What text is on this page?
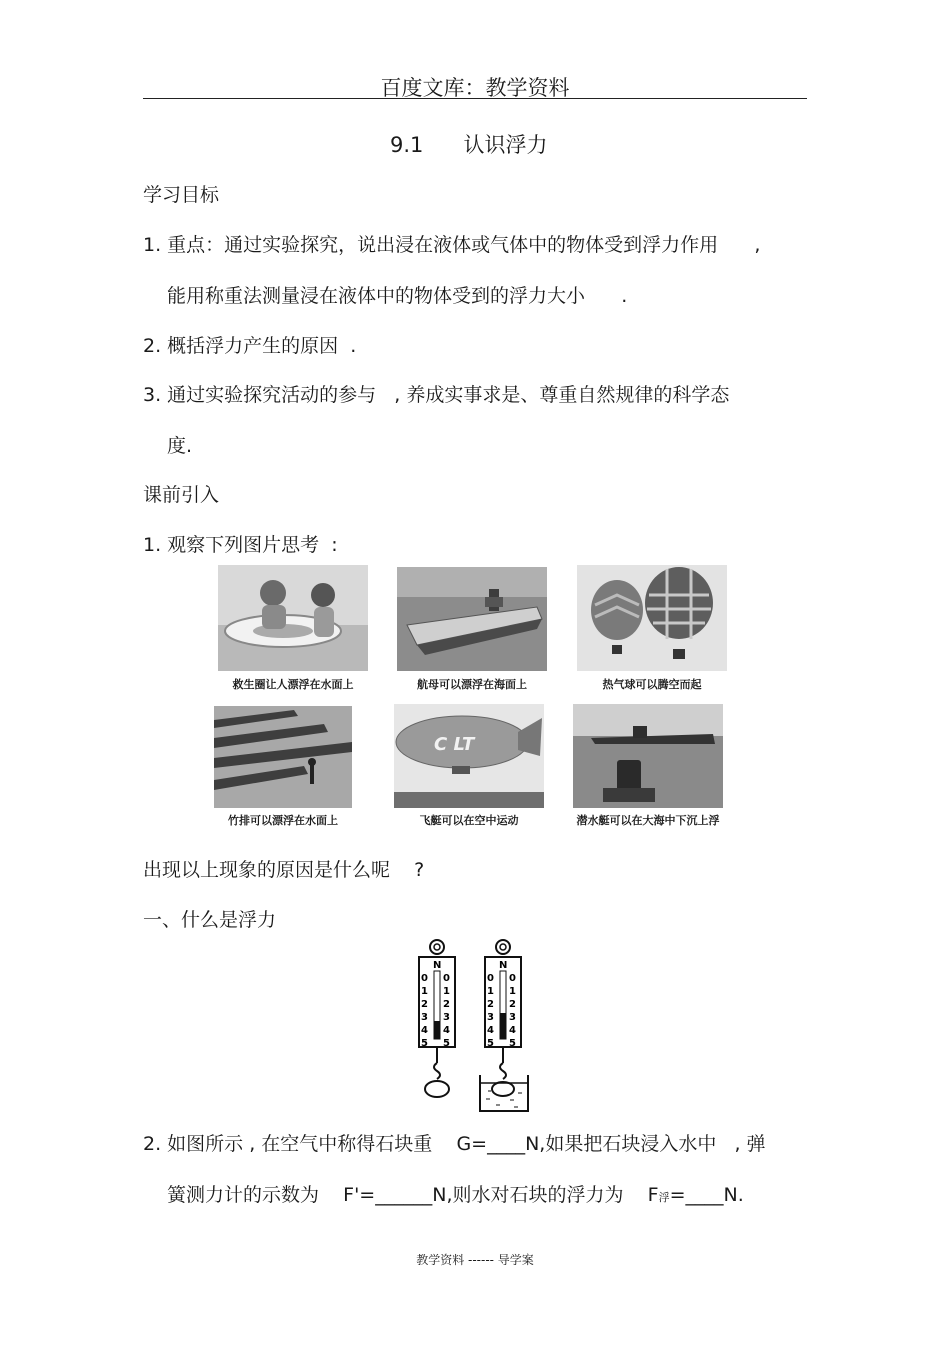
百度文库：教学资料
9.1      认识浮力
学习目标
1. 重点：通过实验探究，说出浸在液体或气体中的物体受到浮力作用      ,
能用称重法测量浸在液体中的物体受到的浮力大小      .
2. 概括浮力产生的原因  .
3. 通过实验探究活动的参与   , 养成实事求是、尊重自然规律的科学态
度.
课前引入
1. 观察下列图片思考  :
救生圈让人漂浮在水面上	航母可以漂浮在海面上	热气球可以腾空而起
竹排可以漂浮在水面上
C LT
飞艇可以在空中运动	潜水艇可以在大海中下沉上浮
出现以上现象的原因是什么呢    ?
一、什么是浮力
N	N
0
1
2
3
4
5
0
1
2
3
4
5
0
1
2
3
4
5
0
1
2
3
4
5
2. 如图所示 , 在空气中称得石块重    G=____N,如果把石块浸入水中   , 弹
簧测力计的示数为    F'=______N,则水对石块的浮力为    F浮=____N.
教学资料 ------ 导学案
